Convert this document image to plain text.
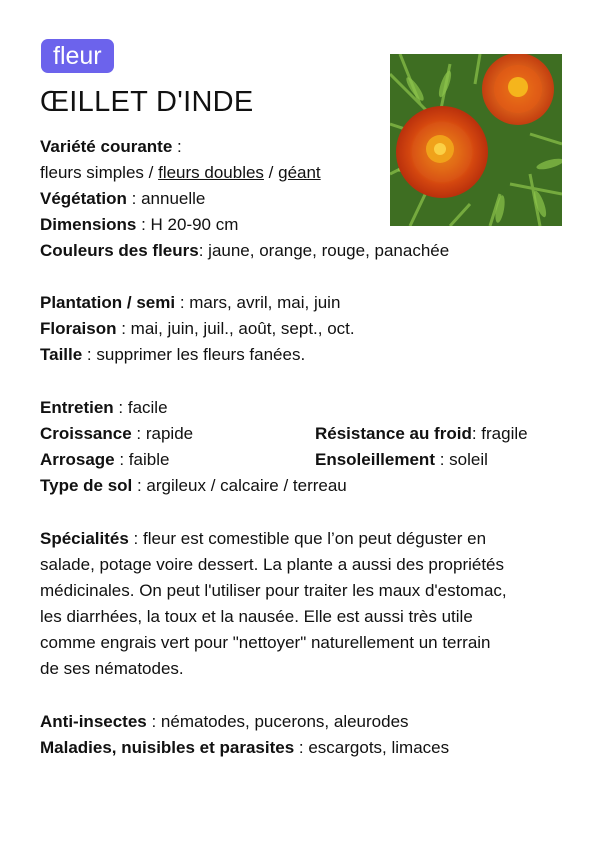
fleur
ŒILLET D'INDE
Variété courante :
fleurs simples / fleurs doubles / géant
Végétation : annuelle
Dimensions : H 20-90 cm
Couleurs des fleurs: jaune, orange, rouge, panachée
Plantation / semi : mars, avril, mai, juin
Floraison : mai, juin, juil., août, sept., oct.
Taille : supprimer les fleurs fanées.
Entretien : facile
Croissance : rapide	Résistance au froid: fragile
Arrosage : faible	Ensoleillement : soleil
Type de sol : argileux / calcaire / terreau
Spécialités : fleur est comestible que l’on peut déguster en
salade, potage voire dessert. La plante a aussi des propriétés
médicinales. On peut l'utiliser pour traiter les maux d'estomac,
les diarrhées, la toux et la nausée. Elle est aussi très utile
comme engrais vert pour "nettoyer" naturellement un terrain
de ses nématodes.
Anti-insectes : nématodes, pucerons, aleurodes
Maladies, nuisibles et parasites : escargots, limaces
